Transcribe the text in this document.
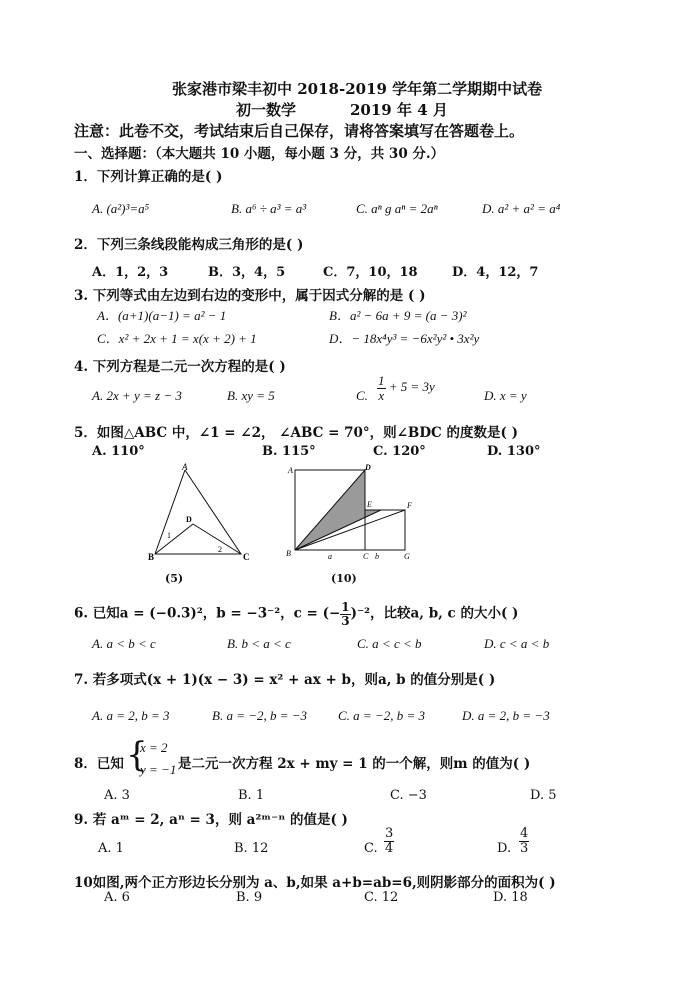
张家港市梁丰初中 2018-2019 学年第二学期期中试卷
初一数学	2019 年 4 月
注意：此卷不交，考试结束后自己保存，请将答案填写在答题卷上。
一、选择题：（本大题共 10 小题，每小题 3 分，共 30 分.）
1．下列计算正确的是( )
A. (a²)³=a⁵	B. a⁶ ÷ a³ = a³	C. aⁿ g aⁿ = 2aⁿ	D. a² + a² = a⁴
2．下列三条线段能构成三角形的是( )
A．1，2，3	B．3，4，5	C．7，10，18	D．4，12，7
3. 下列等式由左边到右边的变形中，属于因式分解的是 ( )
A．(a+1)(a−1) = a² − 1	B．a² − 6a + 9 = (a − 3)²
C．x² + 2x + 1 = x(x + 2) + 1	D．− 18x⁴y³ = −6x²y² • 3x²y
4. 下列方程是二元一次方程的是( )
A. 2x + y = z − 3	B. xy = 5	C. $\frac{1}{x} + 5 = 3y$
D. x = y
5．如图△ABC 中，∠1 = ∠2， ∠ABC = 70°，则∠BDC 的度数是( )
A. 110°	B. 115°	C. 120°	D. 130°
A
B	C
D
1
2
(5)
A	D
E	F
B	C	G
a	b
(10)
6. 已知a = (−0.3)²，b = −3⁻²，c = (− $\frac{1}{3} )^{-2}$，比较a, b, c 的大小( )
A. a < b < c	B. b < a < c	C. a < c < b	D. c < a < b
7. 若多项式(x + 1)(x − 3) = x² + ax + b，则a, b 的值分别是( )
A. a = 2, b = 3	B. a = −2, b = −3 C. a = −2, b = 3	D. a = 2, b = −3
8．已知 {
x = 2
y = −1 是二元一次方程 2x + my = 1 的一个解，则m 的值为( )
A. 3	B. 1	C. −3	D. 5
9. 若 aᵐ = 2, aⁿ = 3，则 a²ᵐ⁻ⁿ 的值是( )
A. 1	B. 12	C. $\frac{3}{4}$	D. $\frac{4}{3}$
10如图,两个正方形边长分别为 a、b,如果 a+b=ab=6,则阴影部分的面积为( )
A. 6	B. 9	C. 12	D. 18
